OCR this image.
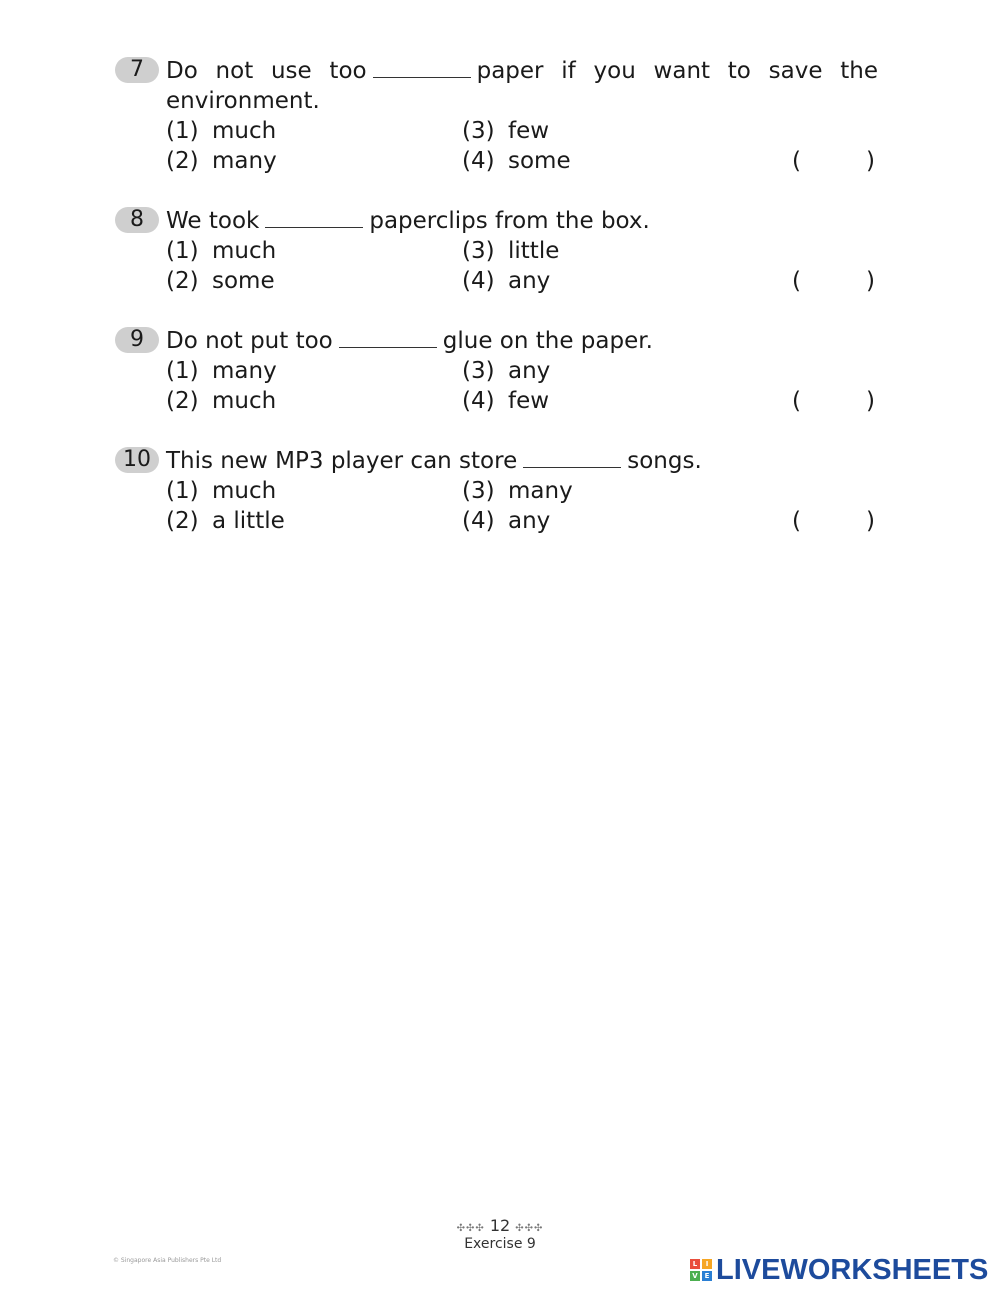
7 Do not use too	paper if you want to save the
environment.
(1) much
(2) many
(3) few
(4) some	(	)
8 We took	paperclips from the box.
(1) much
(2) some
(3) little
(4) any	(	)
9 Do not put too	glue on the paper.
(1) many
(2) much
(3) any
(4) few	(	)
10 This new MP3 player can store	songs.
(1) much
(2) a little
(3) many
(4) any	(	)
✣✣✣ 12 ✣✣✣
Exercise 9
© Singapore Asia Publishers Pte Ltd	L	I
V E LIVEWORKSHEETS
